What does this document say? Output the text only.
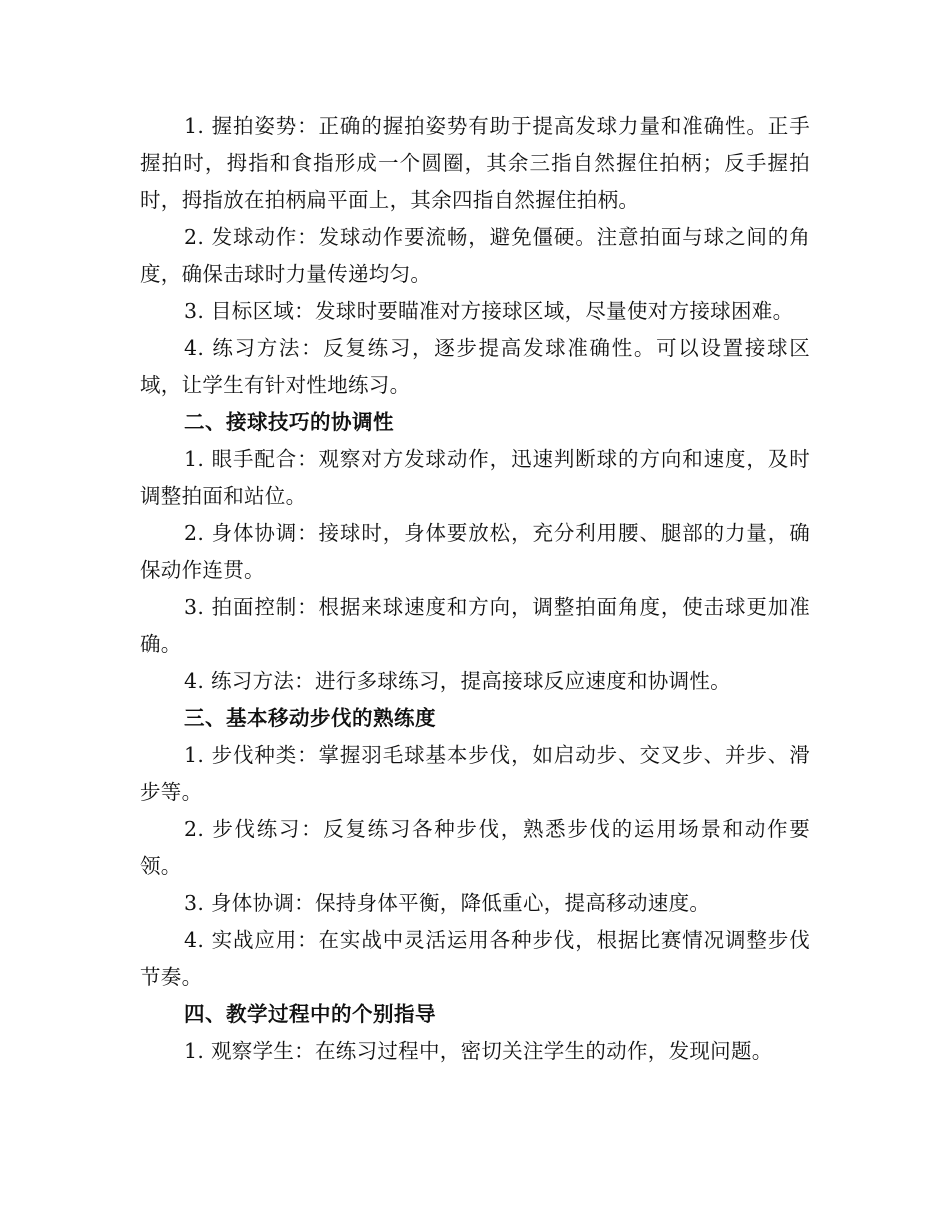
1. 握拍姿势：正确的握拍姿势有助于提高发球力量和准确性。正手握拍时，拇指和食指形成一个圆圈，其余三指自然握住拍柄；反手握拍时，拇指放在拍柄扁平面上，其余四指自然握住拍柄。

2. 发球动作：发球动作要流畅，避免僵硬。注意拍面与球之间的角度，确保击球时力量传递均匀。

3. 目标区域：发球时要瞄准对方接球区域，尽量使对方接球困难。

4. 练习方法：反复练习，逐步提高发球准确性。可以设置接球区域，让学生有针对性地练习。

二、接球技巧的协调性

1. 眼手配合：观察对方发球动作，迅速判断球的方向和速度，及时调整拍面和站位。

2. 身体协调：接球时，身体要放松，充分利用腰、腿部的力量，确保动作连贯。

3. 拍面控制：根据来球速度和方向，调整拍面角度，使击球更加准确。

4. 练习方法：进行多球练习，提高接球反应速度和协调性。

三、基本移动步伐的熟练度

1. 步伐种类：掌握羽毛球基本步伐，如启动步、交叉步、并步、滑步等。

2. 步伐练习：反复练习各种步伐，熟悉步伐的运用场景和动作要领。

3. 身体协调：保持身体平衡，降低重心，提高移动速度。

4. 实战应用：在实战中灵活运用各种步伐，根据比赛情况调整步伐节奏。

四、教学过程中的个别指导

1. 观察学生：在练习过程中，密切关注学生的动作，发现问题。
